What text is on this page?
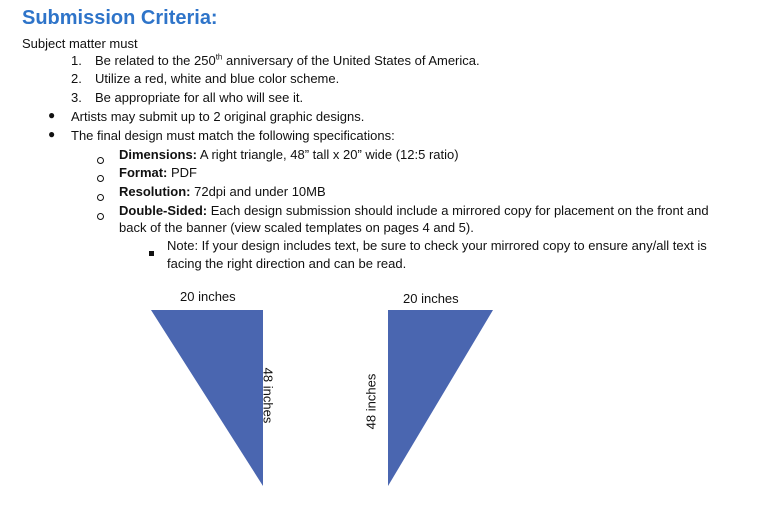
Submission Criteria:
Subject matter must
1. Be related to the 250th anniversary of the United States of America.
2. Utilize a red, white and blue color scheme.
3. Be appropriate for all who will see it.
● Artists may submit up to 2 original graphic designs.
● The final design must match the following specifications:
Dimensions: A right triangle, 48” tall x 20” wide (12:5 ratio)
Format: PDF
Resolution: 72dpi and under 10MB
Double-Sided: Each design submission should include a mirrored copy for placement on the front and
back of the banner (view scaled templates on pages 4 and 5).
Note: If your design includes text, be sure to check your mirrored copy to ensure any/all text is
facing the right direction and can be read.
20 inches
48 inches
20 inches
48 inches
